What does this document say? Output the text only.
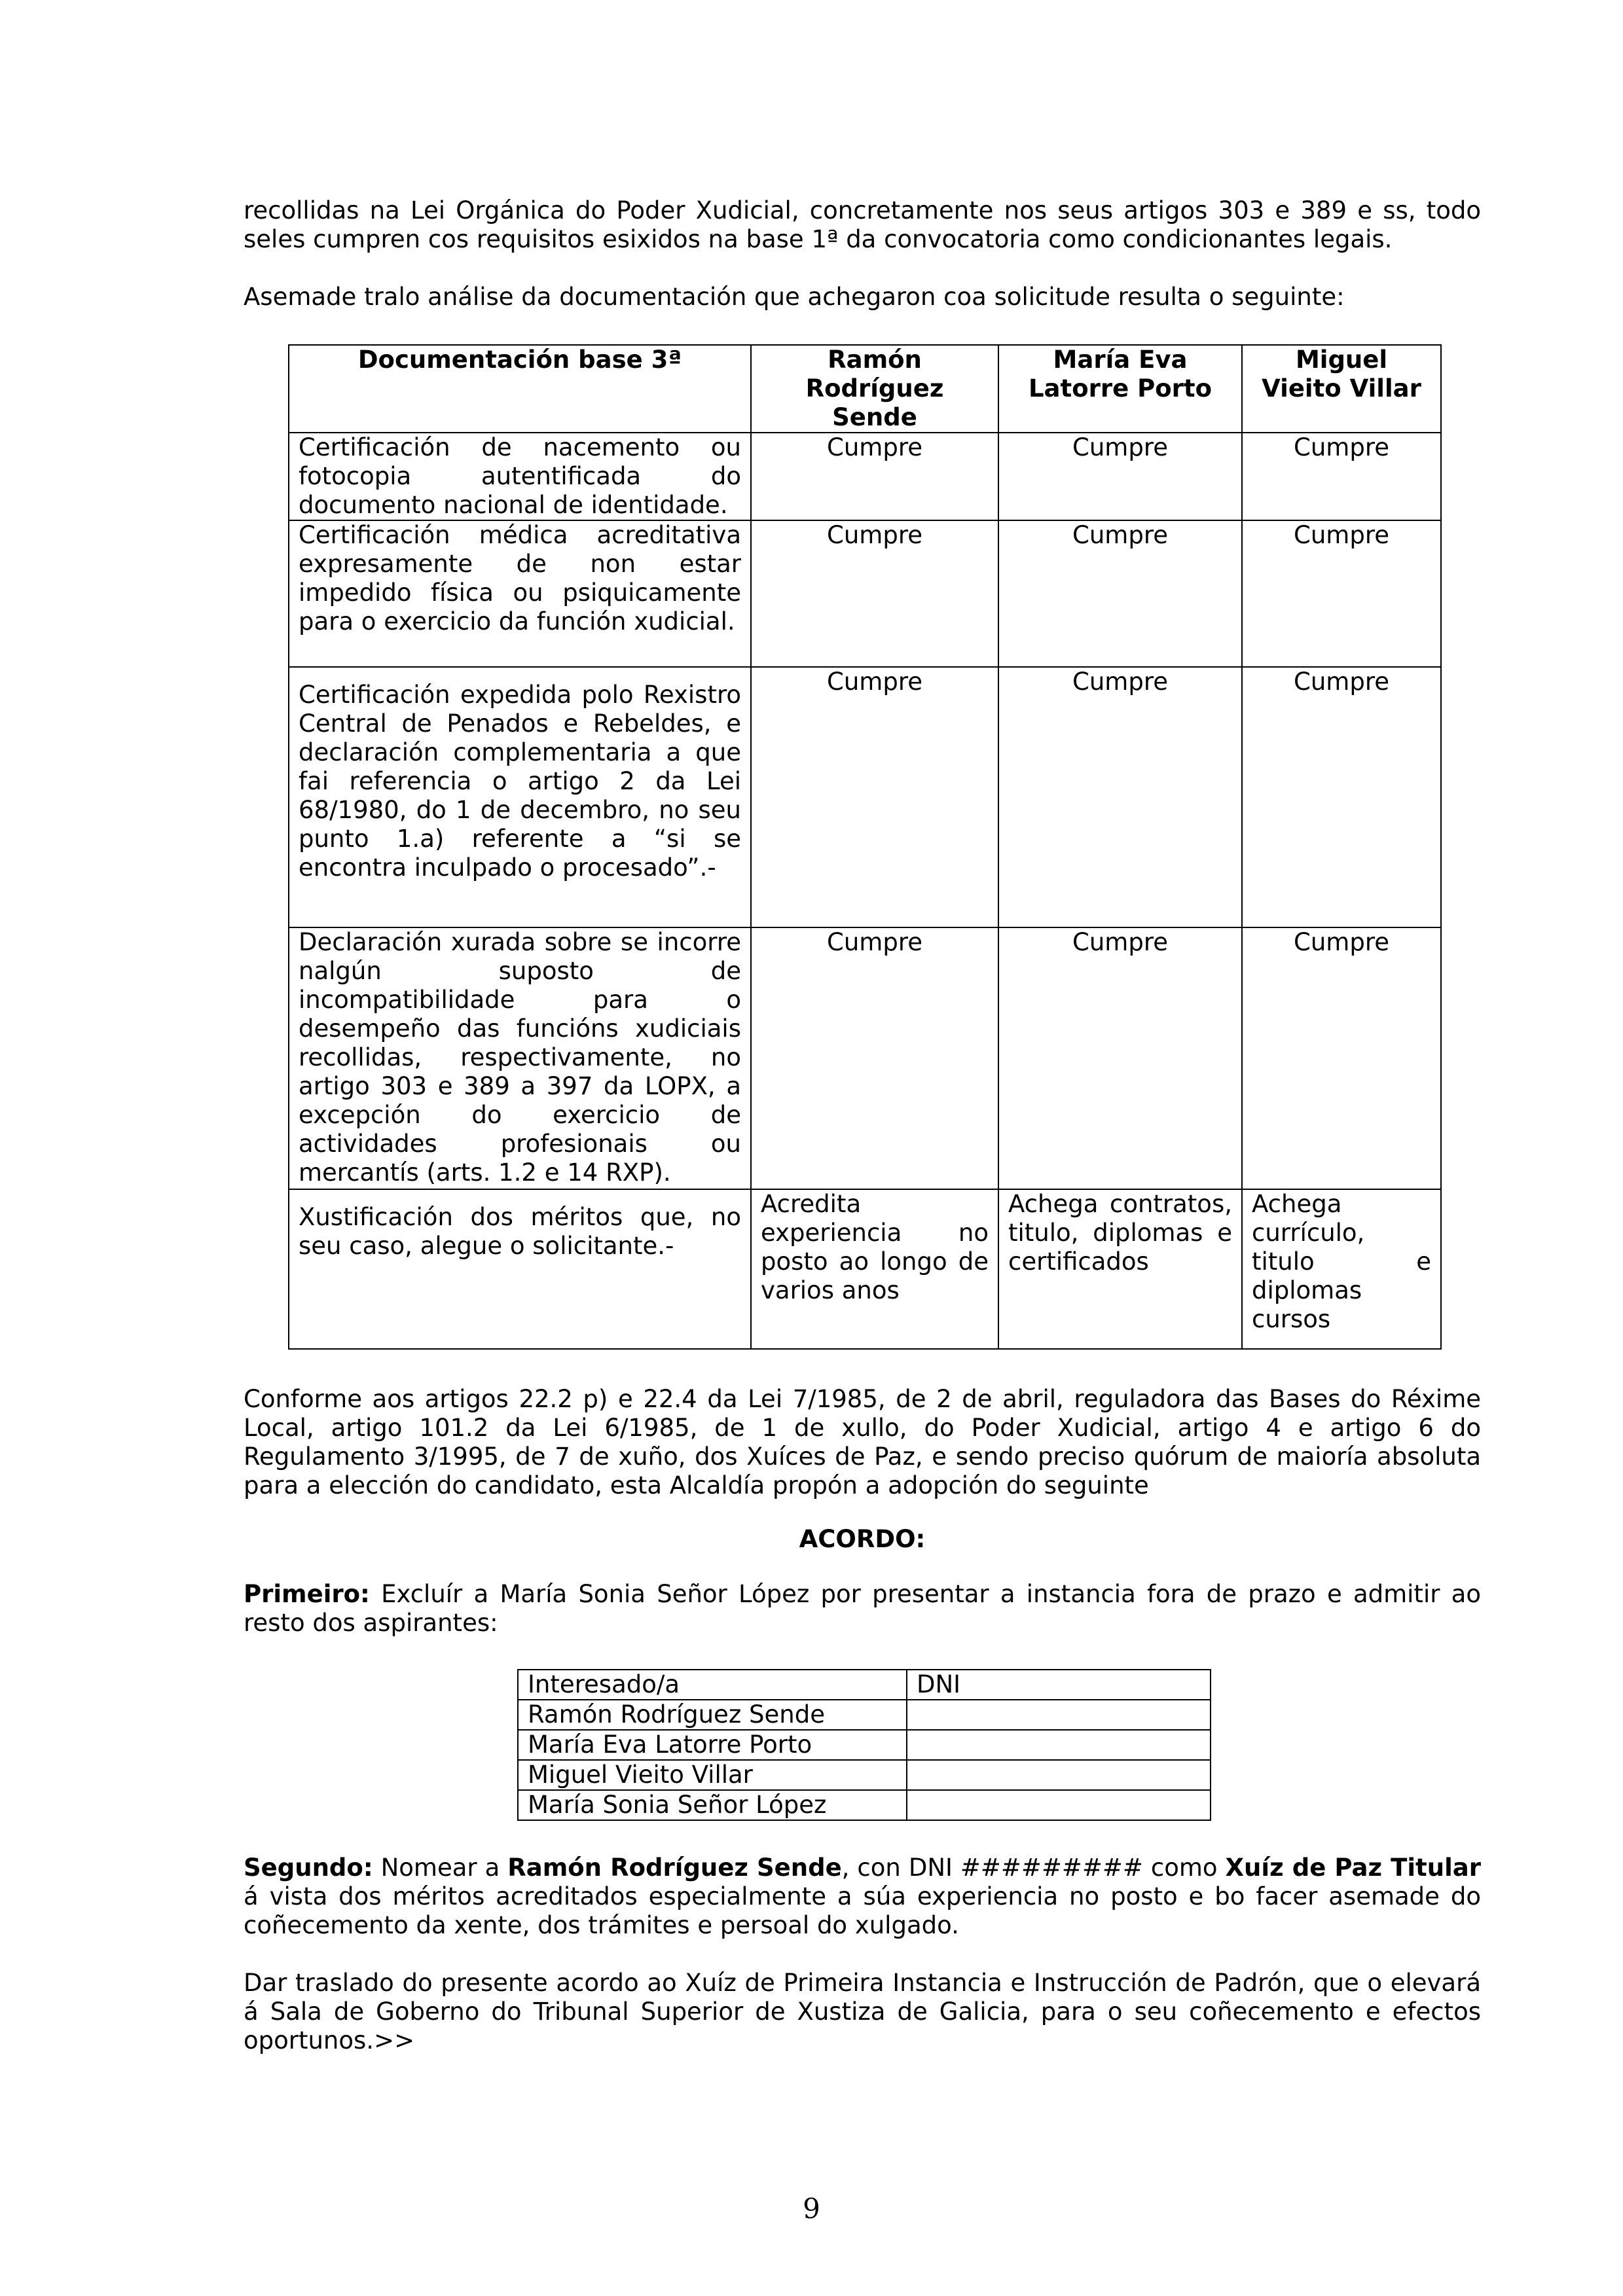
recollidas na Lei Orgánica do Poder Xudicial, concretamente nos seus artigos 303 e 389 e ss, todo seles cumpren cos requisitos esixidos na base 1ª da convocatoria como condicionantes legais.

Asemade tralo análise da documentación que achegaron coa solicitude resulta o seguinte:

Documentación base 3ª	Ramón Rodríguez Sende	María Eva Latorre Porto	Miguel Vieito Villar
Certificación de nacemento ou fotocopia autentificada do documento nacional de identidade.	Cumpre	Cumpre	Cumpre
Certificación médica acreditativa expresamente de non estar impedido física ou psiquicamente para o exercicio da función xudicial.	Cumpre	Cumpre	Cumpre
Certificación expedida polo Rexistro Central de Penados e Rebeldes, e declaración complementaria a que fai referencia o artigo 2 da Lei 68/1980, do 1 de decembro, no seu punto 1.a) referente a “si se encontra inculpado o procesado”.-	Cumpre	Cumpre	Cumpre
Declaración xurada sobre se incorre nalgún suposto de incompatibilidade para o desempeño das funcións xudiciais recollidas, respectivamente, no artigo 303 e 389 a 397 da LOPX, a excepción do exercicio de actividades profesionais ou mercantís (arts. 1.2 e 14 RXP).	Cumpre	Cumpre	Cumpre
Xustificación dos méritos que, no seu caso, alegue o solicitante.-	Acredita experiencia no posto ao longo de varios anos	Achega contratos, titulo, diplomas e certificados	Achega currículo, titulo e diplomas cursos

Conforme aos artigos 22.2 p) e 22.4 da Lei 7/1985, de 2 de abril, reguladora das Bases do Réxime Local, artigo 101.2 da Lei 6/1985, de 1 de xullo, do Poder Xudicial, artigo 4 e artigo 6 do Regulamento 3/1995, de 7 de xuño, dos Xuíces de Paz, e sendo preciso quórum de maioría absoluta para a elección do candidato, esta Alcaldía propón a adopción do seguinte

ACORDO:

Primeiro: Excluír a María Sonia Señor López por presentar a instancia fora de prazo e admitir ao resto dos aspirantes:

Interesado/a	DNI
Ramón Rodríguez Sende	
María Eva Latorre Porto	
Miguel Vieito Villar	
María Sonia Señor López	

Segundo: Nomear a Ramón Rodríguez Sende, con DNI ######### como Xuíz de Paz Titular á vista dos méritos acreditados especialmente a súa experiencia no posto e bo facer asemade do coñecemento da xente, dos trámites e persoal do xulgado.

Dar traslado do presente acordo ao Xuíz de Primeira Instancia e Instrucción de Padrón, que o elevará á Sala de Goberno do Tribunal Superior de Xustiza de Galicia, para o seu coñecemento e efectos oportunos.>>

9
